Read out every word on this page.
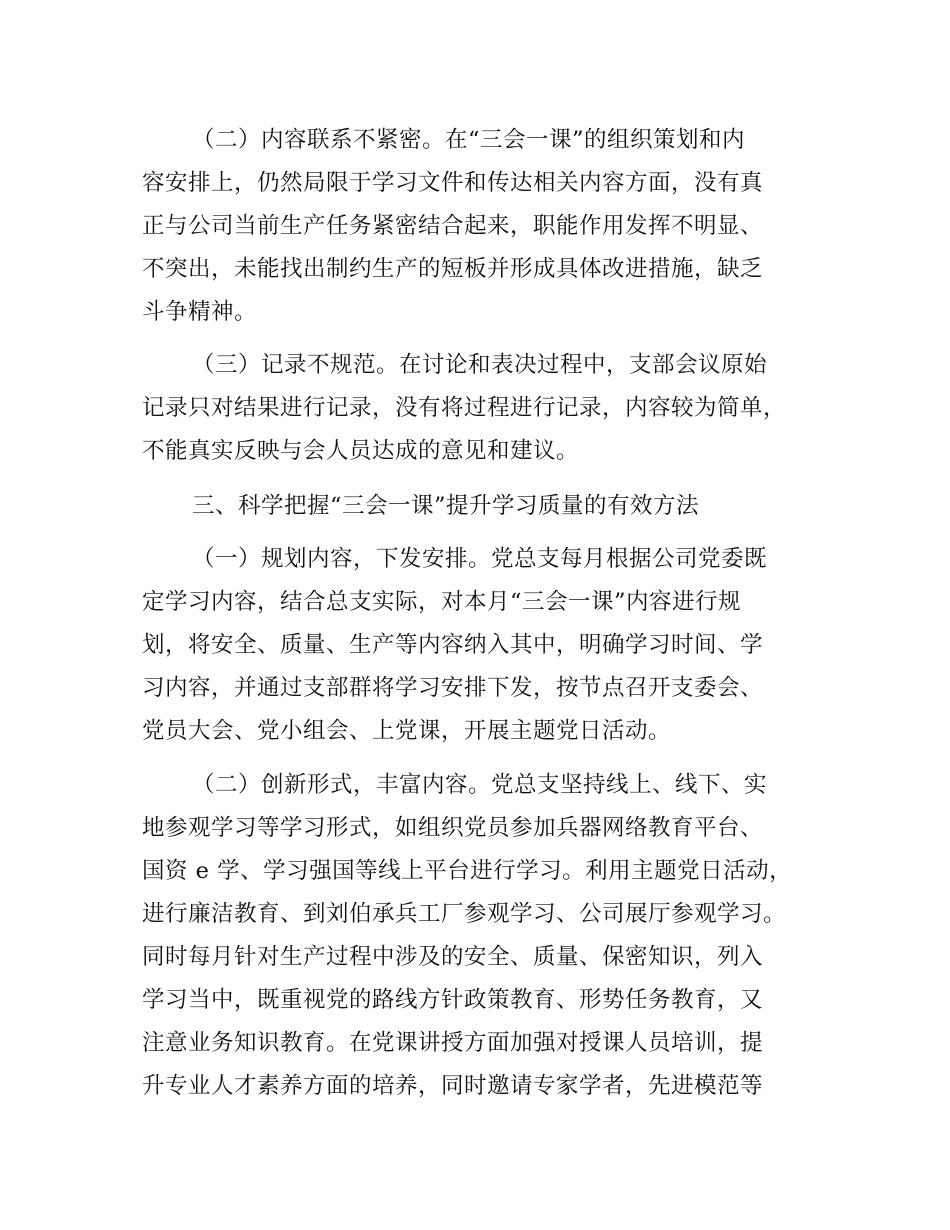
（二）内容联系不紧密。在“三会一课”的组织策划和内
容安排上，仍然局限于学习文件和传达相关内容方面，没有真
正与公司当前生产任务紧密结合起来，职能作用发挥不明显、
不突出，未能找出制约生产的短板并形成具体改进措施，缺乏
斗争精神。
（三）记录不规范。在讨论和表决过程中，支部会议原始
记录只对结果进行记录，没有将过程进行记录，内容较为简单，
不能真实反映与会人员达成的意见和建议。
三、科学把握“三会一课”提升学习质量的有效方法
（一）规划内容，下发安排。党总支每月根据公司党委既
定学习内容，结合总支实际，对本月“三会一课”内容进行规
划，将安全、质量、生产等内容纳入其中，明确学习时间、学
习内容，并通过支部群将学习安排下发，按节点召开支委会、
党员大会、党小组会、上党课，开展主题党日活动。
（二）创新形式，丰富内容。党总支坚持线上、线下、实
地参观学习等学习形式，如组织党员参加兵器网络教育平台、
国资 e 学、学习强国等线上平台进行学习。利用主题党日活动，
进行廉洁教育、到刘伯承兵工厂参观学习、公司展厅参观学习。
同时每月针对生产过程中涉及的安全、质量、保密知识，列入
学习当中，既重视党的路线方针政策教育、形势任务教育，又
注意业务知识教育。在党课讲授方面加强对授课人员培训，提
升专业人才素养方面的培养，同时邀请专家学者，先进模范等
